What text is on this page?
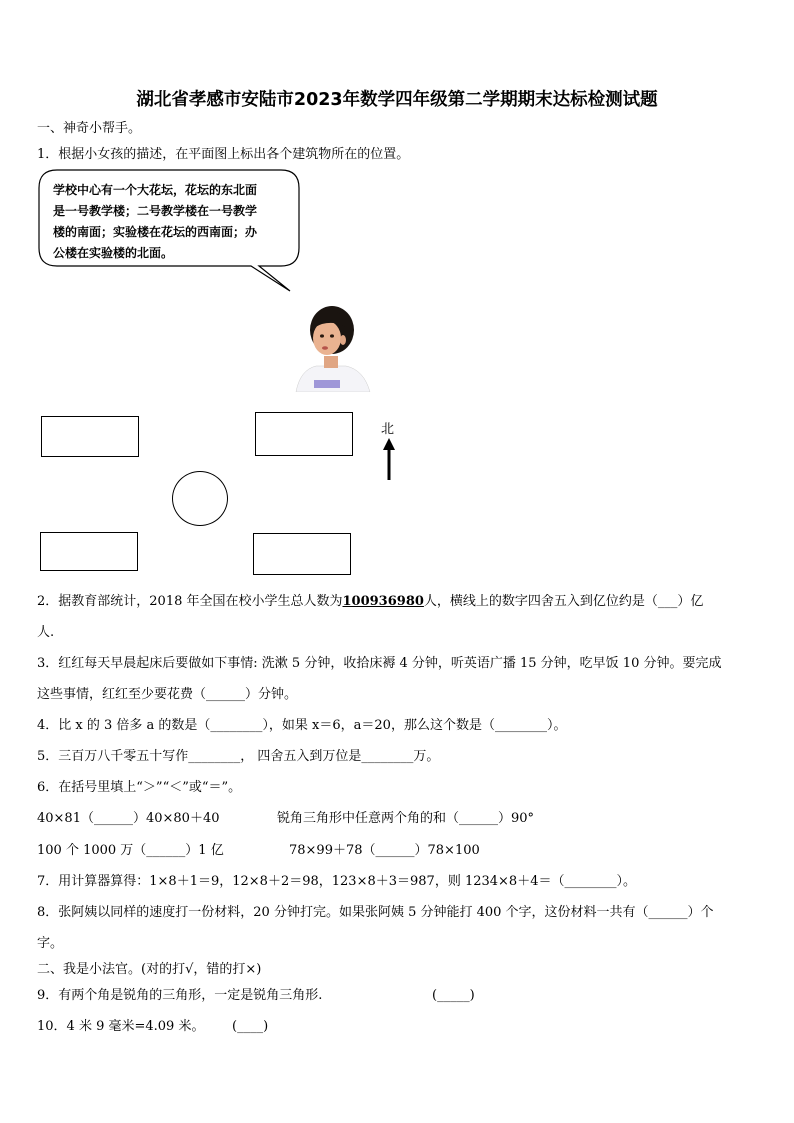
湖北省孝感市安陆市2023年数学四年级第二学期期末达标检测试题
一、神奇小帮手。
1．根据小女孩的描述，在平面图上标出各个建筑物所在的位置。
学校中心有一个大花坛，花坛的东北面
是一号教学楼；二号教学楼在一号教学
楼的南面；实验楼在花坛的西南面；办
公楼在实验楼的北面。
北
2．据教育部统计，2018 年全国在校小学生总人数为100936980人，横线上的数字四舍五入到亿位约是（___）亿
人.
3．红红每天早晨起床后要做如下事情: 洗漱 5 分钟，收拾床褥 4 分钟，听英语广播 15 分钟，吃早饭 10 分钟。要完成
这些事情，红红至少要花费（______）分钟。
4．比 x 的 3 倍多 a 的数是（________），如果 x＝6，a＝20，那么这个数是（________）。
5．三百万八千零五十写作________， 四舍五入到万位是________万。
6．在括号里填上“＞”“＜”或“＝”。
40×81（______）40×80＋40	锐角三角形中任意两个角的和（______）90°
100 个 1000 万（______）1 亿	78×99＋78（______）78×100
7．用计算器算得：1×8＋1＝9，12×8＋2＝98，123×8＋3＝987，则 1234×8＋4＝（________）。
8．张阿姨以同样的速度打一份材料，20 分钟打完。如果张阿姨 5 分钟能打 400 个字，这份材料一共有（______）个
字。
二、我是小法官。(对的打√，错的打×)
9．有两个角是锐角的三角形，一定是锐角三角形.	(_____)
10．4 米 9 毫米=4.09 米。 (____)
